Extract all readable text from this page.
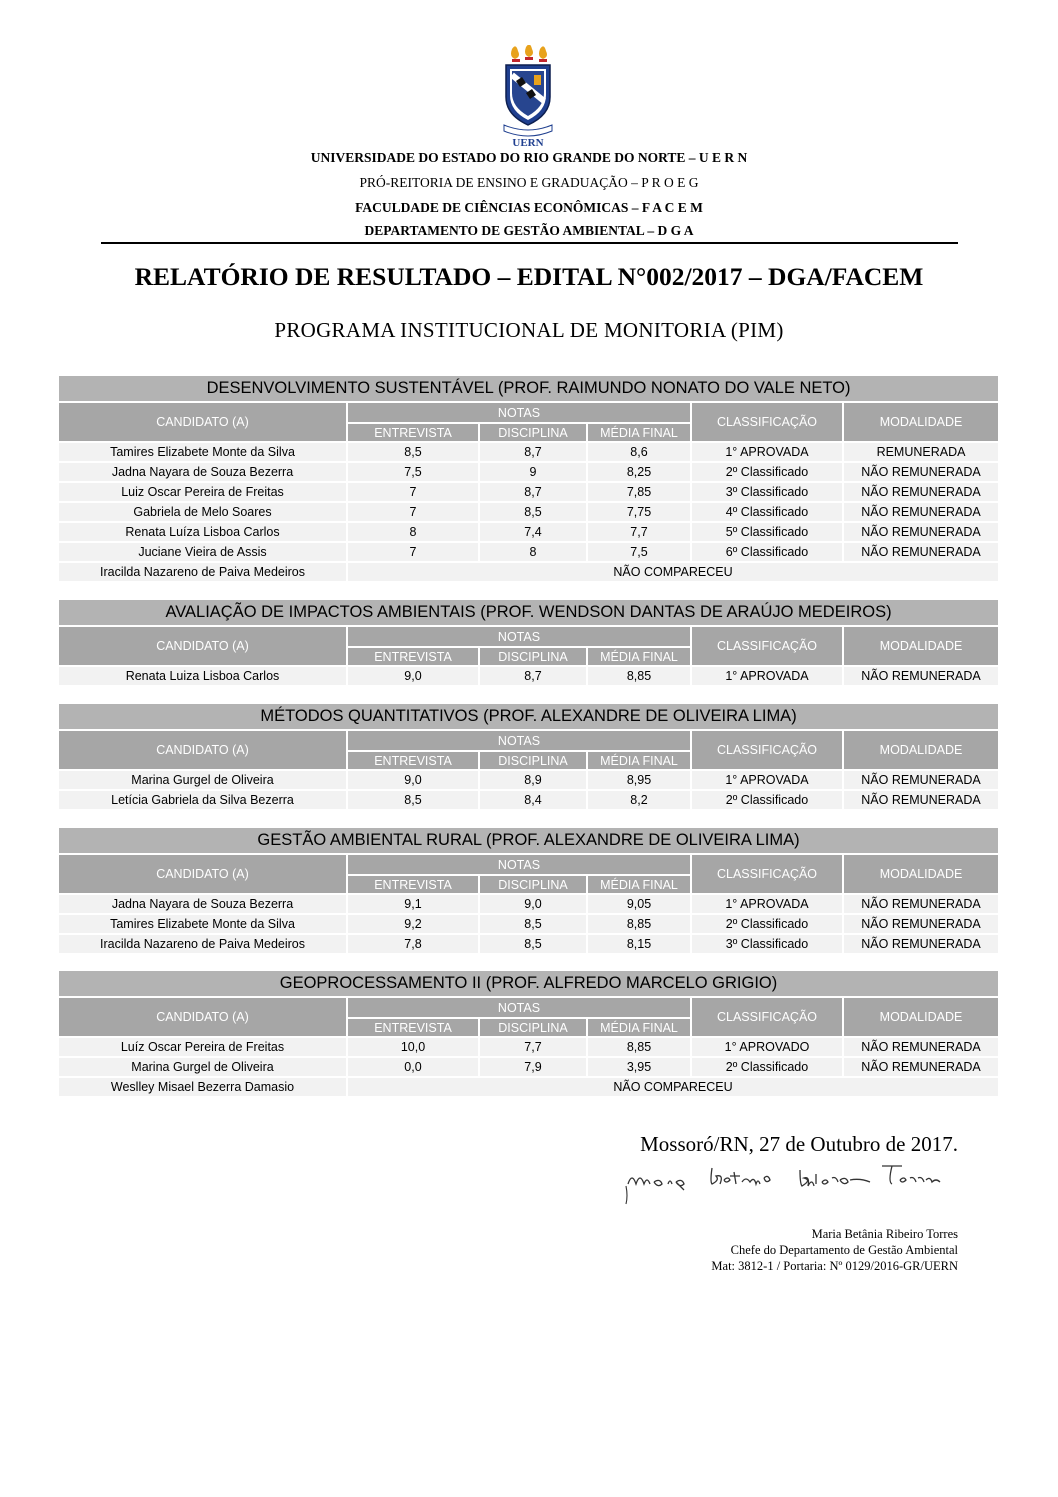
UERN
UNIVERSIDADE DO ESTADO DO RIO GRANDE DO NORTE – U E R N
PRÓ-REITORIA DE ENSINO E GRADUAÇÃO – P R O E G
FACULDADE DE CIÊNCIAS ECONÔMICAS – F A C E M
DEPARTAMENTO DE GESTÃO AMBIENTAL – D G A
RELATÓRIO DE RESULTADO – EDITAL N°002/2017 – DGA/FACEM
PROGRAMA INSTITUCIONAL DE MONITORIA (PIM)
DESENVOLVIMENTO SUSTENTÁVEL (PROF. RAIMUNDO NONATO DO VALE NETO)					
CANDIDATO (A)	NOTAS			CLASSIFICAÇÃO	MODALIDADE
	ENTREVISTA	DISCIPLINA	MÉDIA FINAL		
Tamires Elizabete Monte da Silva	8,5	8,7	8,6	1° APROVADA	REMUNERADA
Jadna Nayara de Souza Bezerra	7,5	9	8,25	2º Classificado	NÃO REMUNERADA
Luiz Oscar Pereira de Freitas	7	8,7	7,85	3º Classificado	NÃO REMUNERADA
Gabriela de Melo Soares	7	8,5	7,75	4º Classificado	NÃO REMUNERADA
Renata Luíza Lisboa Carlos	8	7,4	7,7	5º Classificado	NÃO REMUNERADA
Juciane Vieira de Assis	7	8	7,5	6º Classificado	NÃO REMUNERADA
Iracilda Nazareno de Paiva Medeiros	NÃO COMPARECEU				
AVALIAÇÃO DE IMPACTOS AMBIENTAIS (PROF. WENDSON DANTAS DE ARAÚJO MEDEIROS)					
CANDIDATO (A)	NOTAS			CLASSIFICAÇÃO	MODALIDADE
	ENTREVISTA	DISCIPLINA	MÉDIA FINAL		
Renata Luiza Lisboa Carlos	9,0	8,7	8,85	1° APROVADA	NÃO REMUNERADA
MÉTODOS QUANTITATIVOS (PROF. ALEXANDRE DE OLIVEIRA LIMA)					
CANDIDATO (A)	NOTAS			CLASSIFICAÇÃO	MODALIDADE
	ENTREVISTA	DISCIPLINA	MÉDIA FINAL		
Marina Gurgel de Oliveira	9,0	8,9	8,95	1° APROVADA	NÃO REMUNERADA
Letícia Gabriela da Silva Bezerra	8,5	8,4	8,2	2º Classificado	NÃO REMUNERADA
GESTÃO AMBIENTAL RURAL (PROF. ALEXANDRE DE OLIVEIRA LIMA)					
CANDIDATO (A)	NOTAS			CLASSIFICAÇÃO	MODALIDADE
	ENTREVISTA	DISCIPLINA	MÉDIA FINAL		
Jadna Nayara de Souza Bezerra	9,1	9,0	9,05	1° APROVADA	NÃO REMUNERADA
Tamires Elizabete Monte da Silva	9,2	8,5	8,85	2º Classificado	NÃO REMUNERADA
Iracilda Nazareno de Paiva Medeiros	7,8	8,5	8,15	3º Classificado	NÃO REMUNERADA
GEOPROCESSAMENTO II (PROF. ALFREDO MARCELO GRIGIO)					
CANDIDATO (A)	NOTAS			CLASSIFICAÇÃO	MODALIDADE
	ENTREVISTA	DISCIPLINA	MÉDIA FINAL		
Luíz Oscar Pereira de Freitas	10,0	7,7	8,85	1° APROVADO	NÃO REMUNERADA
Marina Gurgel de Oliveira	0,0	7,9	3,95	2º Classificado	NÃO REMUNERADA
Weslley Misael Bezerra Damasio	NÃO COMPARECEU				
Mossoró/RN, 27 de Outubro de 2017.
Maria Betânia Ribeiro Torres
Chefe do Departamento de Gestão Ambiental
Mat: 3812-1 / Portaria: Nº 0129/2016-GR/UERN
